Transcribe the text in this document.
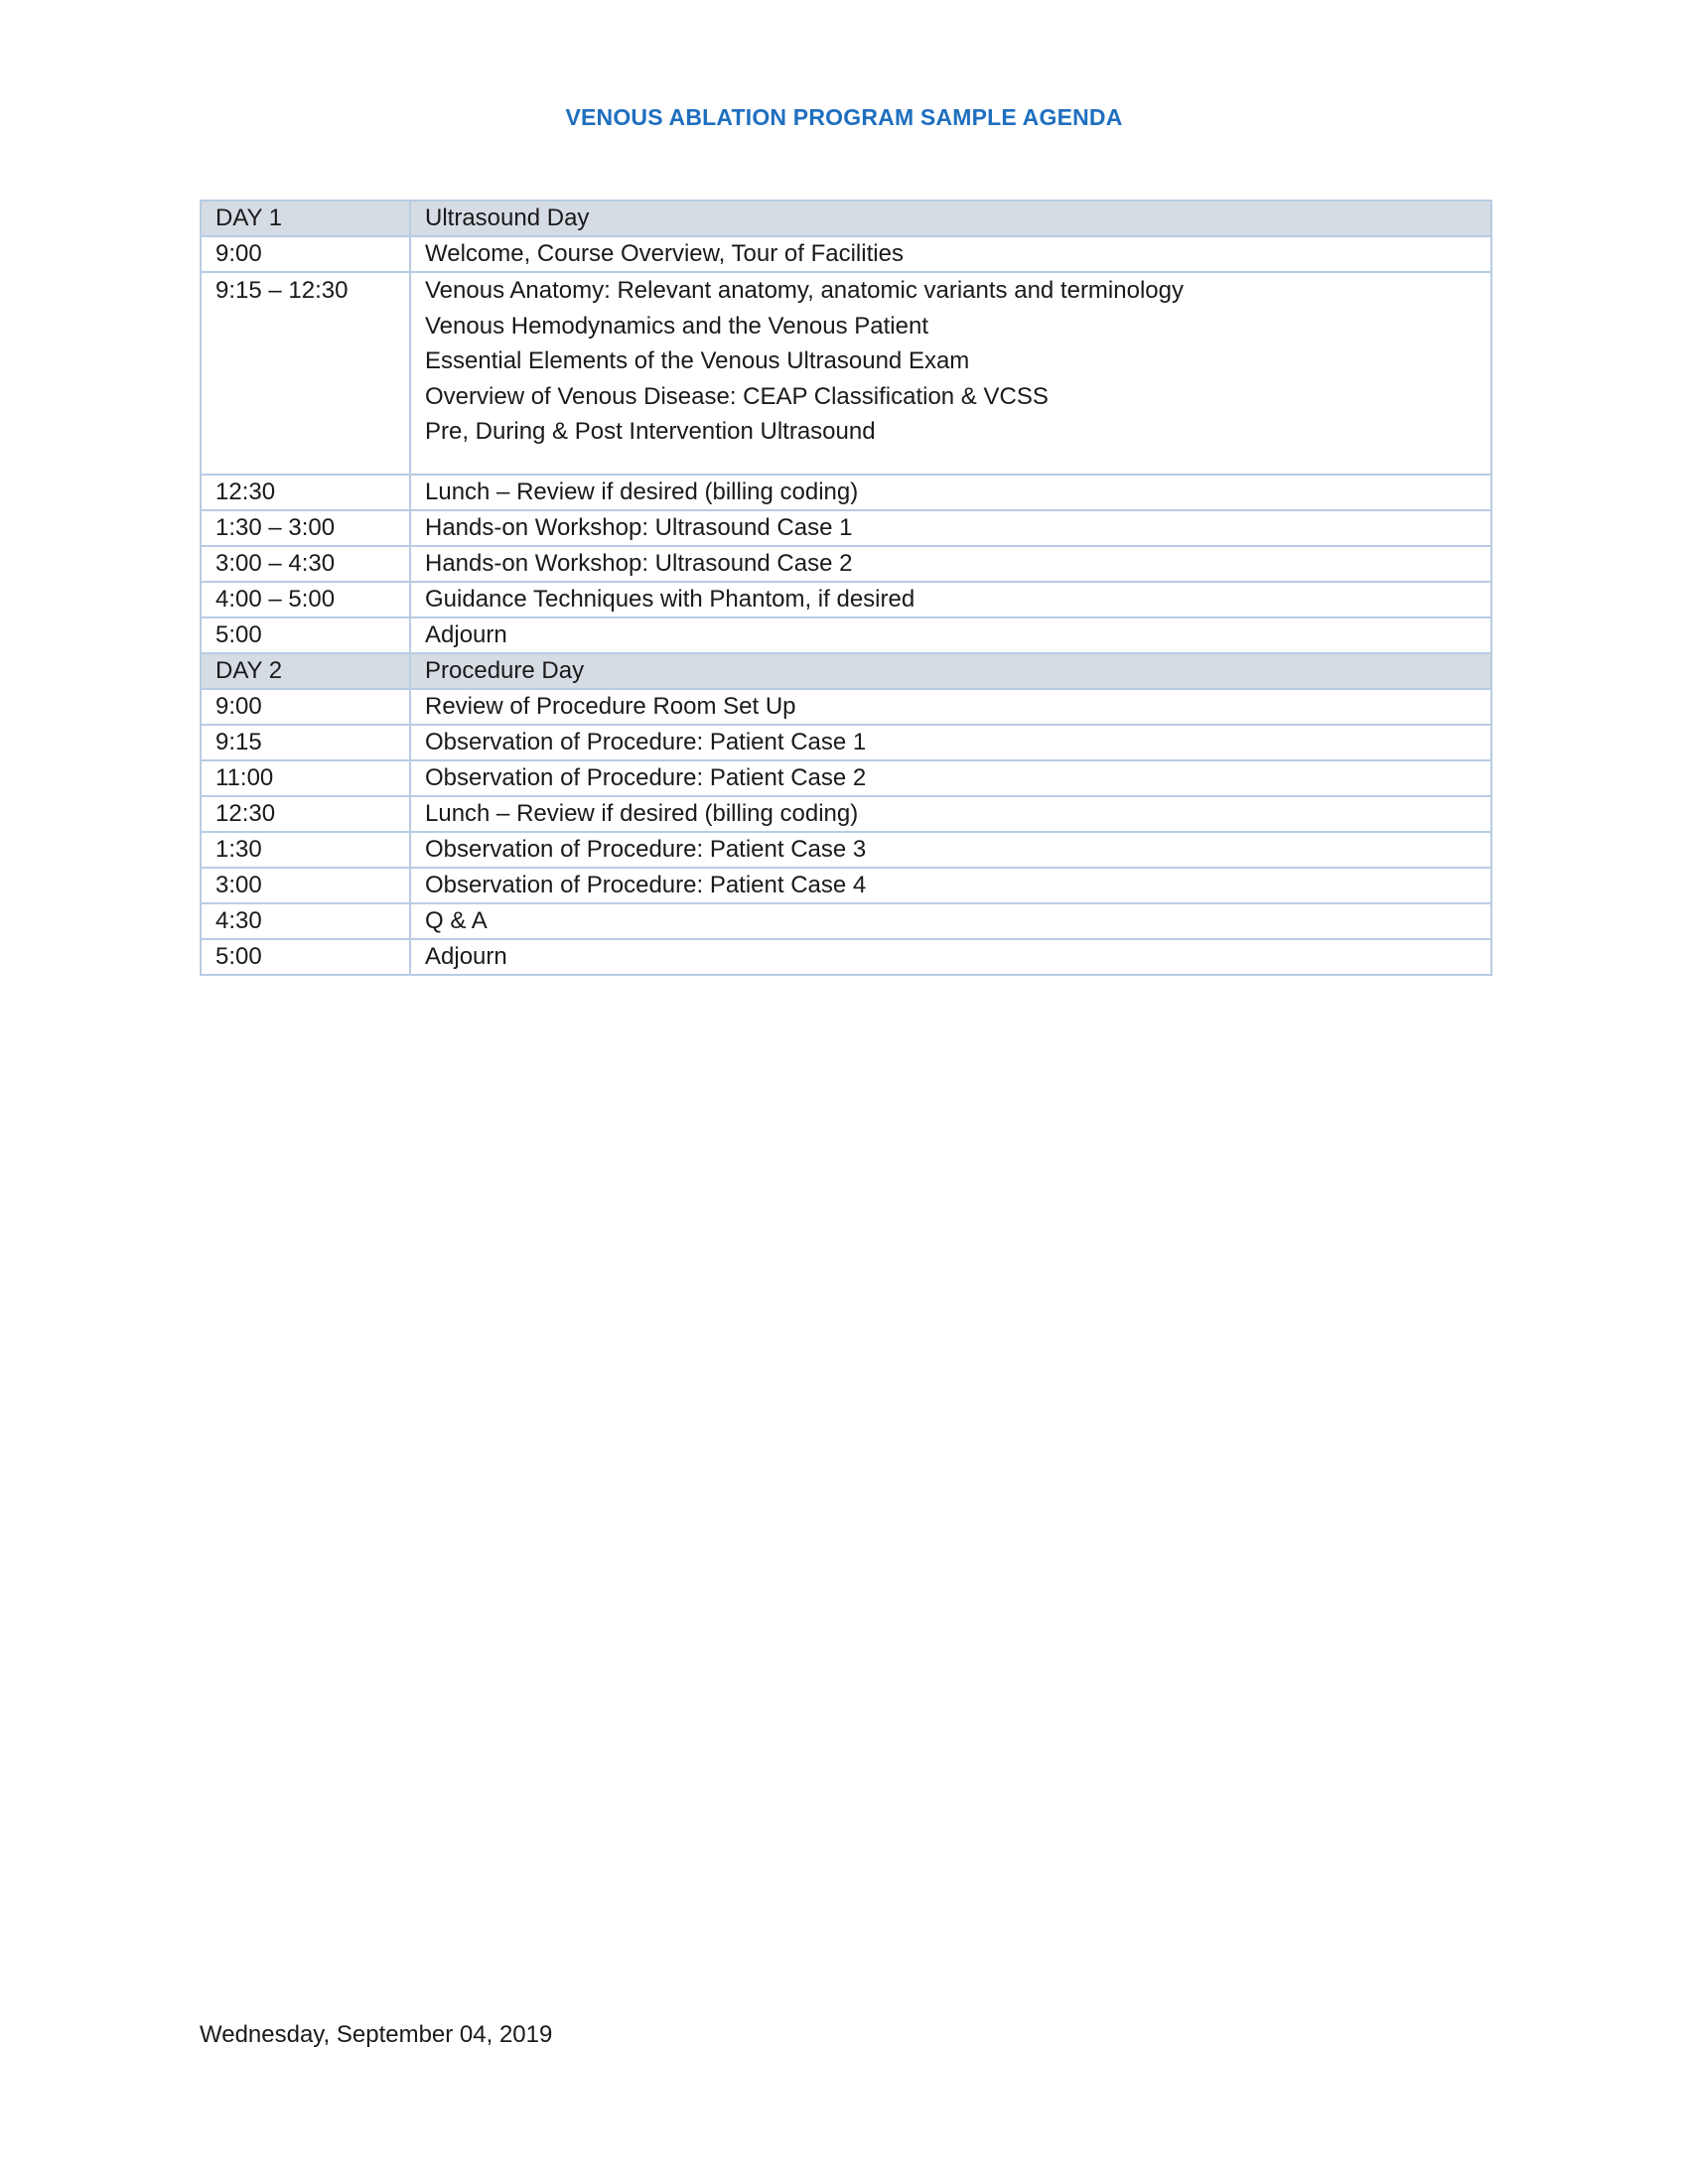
VENOUS ABLATION PROGRAM SAMPLE AGENDA
DAY 1	Ultrasound Day
9:00	Welcome, Course Overview, Tour of Facilities

9:15 – 12:30	Venous Anatomy: Relevant anatomy, anatomic variants and terminology
Venous Hemodynamics and the Venous Patient
Essential Elements of the Venous Ultrasound Exam
Overview of Venous Disease: CEAP Classification & VCSS
Pre, During & Post Intervention Ultrasound

12:30	Lunch – Review if desired (billing coding)
1:30 – 3:00	Hands-on Workshop: Ultrasound Case 1
3:00 – 4:30	Hands-on Workshop: Ultrasound Case 2
4:00 – 5:00	Guidance Techniques with Phantom, if desired
5:00	Adjourn
DAY 2	Procedure Day
9:00	Review of Procedure Room Set Up
9:15	Observation of Procedure: Patient Case 1
11:00	Observation of Procedure: Patient Case 2
12:30	Lunch – Review if desired (billing coding)
1:30	Observation of Procedure: Patient Case 3
3:00	Observation of Procedure: Patient Case 4
4:30	Q & A
5:00	Adjourn
Wednesday, September 04, 2019
